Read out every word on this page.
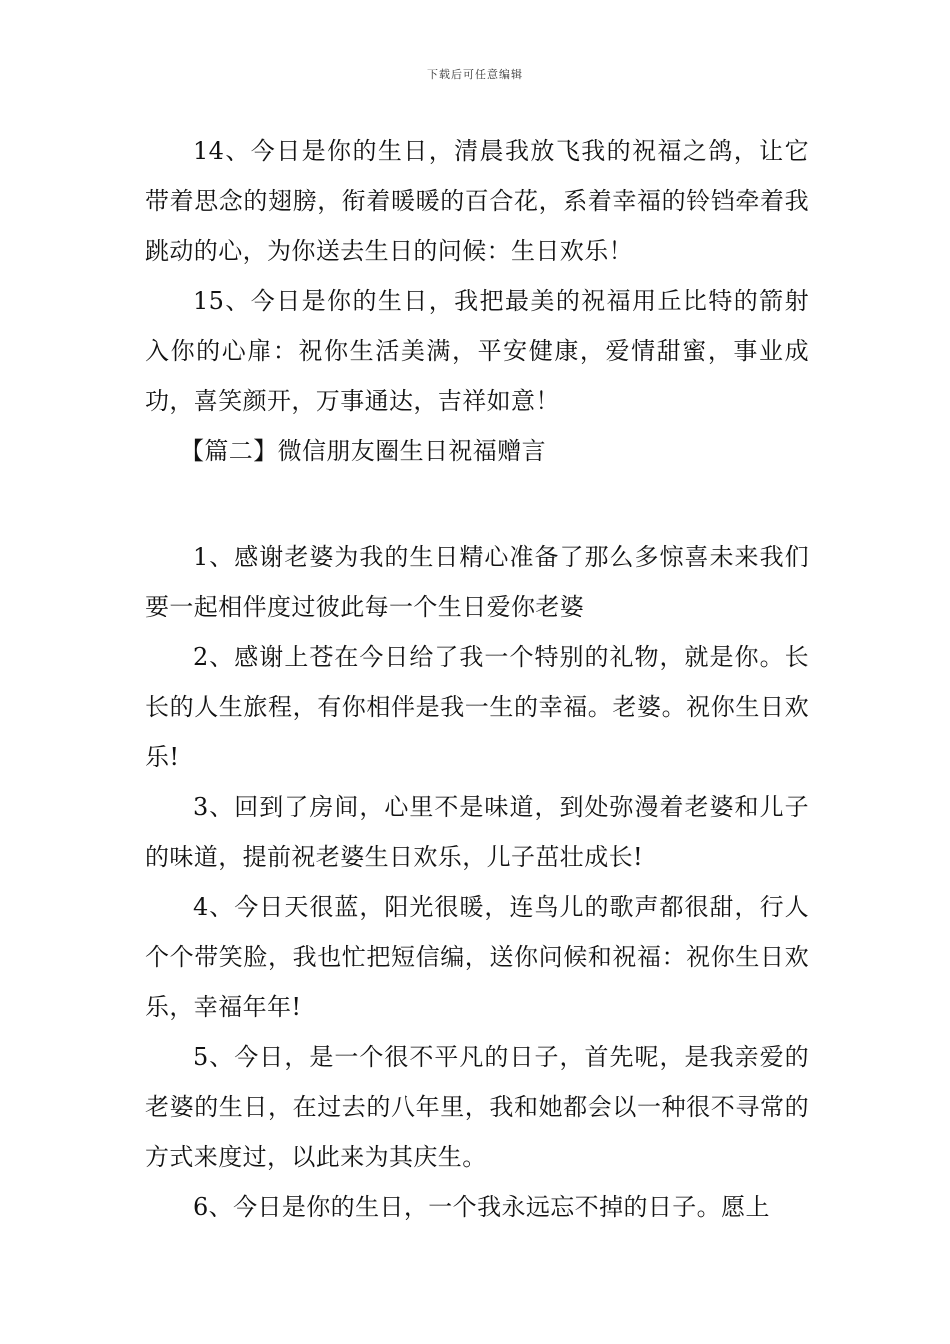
下载后可任意编辑

14、今日是你的生日，清晨我放飞我的祝福之鸽，让它带着思念的翅膀，衔着暖暖的百合花，系着幸福的铃铛牵着我跳动的心，为你送去生日的问候：生日欢乐！

15、今日是你的生日，我把最美的祝福用丘比特的箭射入你的心扉：祝你生活美满，平安健康，爱情甜蜜，事业成功，喜笑颜开，万事通达，吉祥如意！

【篇二】微信朋友圈生日祝福赠言

1、感谢老婆为我的生日精心准备了那么多惊喜未来我们要一起相伴度过彼此每一个生日爱你老婆

2、感谢上苍在今日给了我一个特别的礼物，就是你。长长的人生旅程，有你相伴是我一生的幸福。老婆。祝你生日欢乐!

3、回到了房间，心里不是味道，到处弥漫着老婆和儿子的味道，提前祝老婆生日欢乐，儿子茁壮成长!

4、今日天很蓝，阳光很暖，连鸟儿的歌声都很甜，行人个个带笑脸，我也忙把短信编，送你问候和祝福：祝你生日欢乐，幸福年年!

5、今日，是一个很不平凡的日子，首先呢，是我亲爱的老婆的生日，在过去的八年里，我和她都会以一种很不寻常的方式来度过，以此来为其庆生。

6、今日是你的生日，一个我永远忘不掉的日子。愿上
